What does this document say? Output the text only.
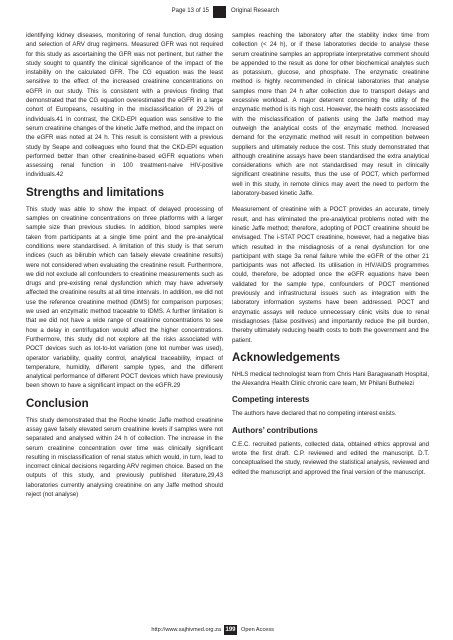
Page 13 of 15	Original Research

identifying kidney diseases, monitoring of renal function, drug dosing and selection of ARV drug regimens. Measured GFR was not required for this study as ascertaining the GFR was not pertinent, but rather the study sought to quantify the clinical significance of the impact of the instability on the calculated GFR. The CG equation was the least sensitive to the effect of the increased creatinine concentrations on eGFR in our study. This is consistent with a previous finding that demonstrated that the CG equation overestimated the eGFR in a large cohort of Europeans, resulting in the misclassification of 29.2% of individuals.41 In contrast, the CKD-EPI equation was sensitive to the serum creatinine changes of the kinetic Jaffe method, and the impact on the eGFR was noted at 24 h. This result is consistent with a previous study by Seape and colleagues who found that the CKD-EPI equation performed better than other creatinine-based eGFR equations when assessing renal function in 100 treatment-naive HIV-positive individuals.42

Strengths and limitations

This study was able to show the impact of delayed processing of samples on creatinine concentrations on three platforms with a larger sample size than previous studies. In addition, blood samples were taken from participants at a single time point and the pre-analytical conditions were standardised. A limitation of this study is that serum indices (such as bilirubin which can falsely elevate creatinine results) were not considered when evaluating the creatinine result. Furthermore, we did not exclude all confounders to creatinine measurements such as drugs and pre-existing renal dysfunction which may have adversely affected the creatinine results at all time intervals. In addition, we did not use the reference creatinine method (IDMS) for comparison purposes; we used an enzymatic method traceable to IDMS. A further limitation is that we did not have a wide range of creatinine concentrations to see how a delay in centrifugation would affect the higher concentrations. Furthermore, this study did not explore all the risks associated with POCT devices such as lot-to-lot variation (one lot number was used), operator variability, quality control, analytical traceability, impact of temperature, humidity, different sample types, and the different analytical performance of different POCT devices which have previously been shown to have a significant impact on the eGFR.29

Conclusion

This study demonstrated that the Roche kinetic Jaffe method creatinine assay gave falsely elevated serum creatinine levels if samples were not separated and analysed within 24 h of collection. The increase in the serum creatinine concentration over time was clinically significant resulting in misclassification of renal status which would, in turn, lead to incorrect clinical decisions regarding ARV regimen choice. Based on the outputs of this study, and previously published literature,29,43 laboratories currently analysing creatinine on any Jaffe method should reject (not analyse)

samples reaching the laboratory after the stability index time from collection (< 24 h), or if these laboratories decide to analyse these serum creatinine samples an appropriate interpretative comment should be appended to the result as done for other biochemical analytes such as potassium, glucose, and phosphate. The enzymatic creatinine method is highly recommended in clinical laboratories that analyse samples more than 24 h after collection due to transport delays and excessive workload. A major deterrent concerning the utility of the enzymatic method is its high cost. However, the health costs associated with the misclassification of patients using the Jaffe method may outweigh the analytical costs of the enzymatic method. Increased demand for the enzymatic method will result in competition between suppliers and ultimately reduce the cost. This study demonstrated that although creatinine assays have been standardised the extra analytical considerations which are not standardised may result in clinically significant creatinine results, thus the use of POCT, which performed well in this study, in remote clinics may avert the need to perform the laboratory-based kinetic Jaffe.

Measurement of creatinine with a POCT provides an accurate, timely result, and has eliminated the pre-analytical problems noted with the kinetic Jaffe method; therefore, adopting of POCT creatinine should be envisaged. The i-STAT POCT creatinine, however, had a negative bias which resulted in the misdiagnosis of a renal dysfunction for one participant with stage 3a renal failure while the eGFR of the other 21 participants was not affected. Its utilisation in HIV/AIDS programmes could, therefore, be adopted once the eGFR equations have been validated for the sample type, confounders of POCT mentioned previously and infrastructural issues such as integration with the laboratory information systems have been addressed. POCT and enzymatic assays will reduce unnecessary clinic visits due to renal misdiagnoses (false positives) and importantly reduce the pill burden, thereby ultimately reducing health costs to both the government and the patient.

Acknowledgements

NHLS medical technologist team from Chris Hani Baragwanath Hospital, the Alexandra Health Clinic chronic care team, Mr Philani Buthelezi

Competing interests

The authors have declared that no competing interest exists.

Authors’ contributions

C.E.C. recruited patients, collected data, obtained ethics approval and wrote the first draft. C.P. reviewed and edited the manuscript. D.T. conceptualised the study, reviewed the statistical analysis, reviewed and edited the manuscript and approved the final version of the manuscript.

http://www.sajhivmed.org.za 199 Open Access
